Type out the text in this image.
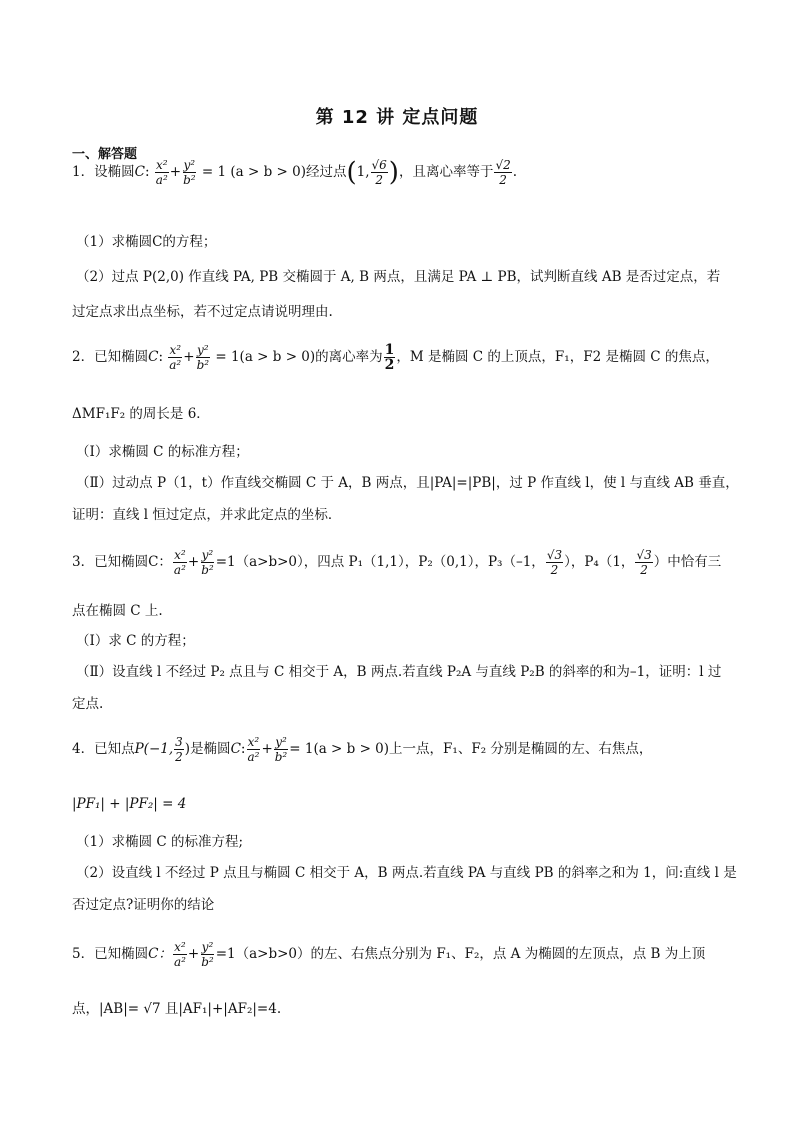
第 12 讲 定点问题
一、解答题
1．设椭圆C: $\frac{\text{x²}}{\text{a²}} + \frac{\text{y²}}{\text{b²}} = 1$ (a > b > 0)经过点(1, $\frac{√6}{2}$ )，且离心率等于 $\frac{√2}{2}$ .
（1）求椭圆C的方程；
（2）过点 P(2,0) 作直线 PA, PB 交椭圆于 A, B 两点，且满足 PA ⊥ PB，试判断直线 AB 是否过定点，若
过定点求出点坐标，若不过定点请说明理由.
2．已知椭圆C: $\frac{\text{x²}}{\text{a²}} + \frac{\text{y²}}{\text{b²}} = 1(a > b > 0)$的离心率为 $\frac{1}{2}$ ，M 是椭圆 C 的上顶点，F₁，F2 是椭圆 C 的焦点，
ΔMF₁F₂ 的周长是 6．
（Ⅰ）求椭圆 C 的标准方程；
（Ⅱ）过动点 P（1，t）作直线交椭圆 C 于 A，B 两点，且|PA|=|PB|，过 P 作直线 l，使 l 与直线 AB 垂直，
证明：直线 l 恒过定点，并求此定点的坐标．
3．已知椭圆C： $\frac{\text{x²}}{\text{a²}} + \frac{\text{y²}}{\text{b²}} =1(a>b>0)$，四点 P₁（1,1），P₂（0,1），P₃（–1， $\frac{√3}{2}$ ），P₄（1， $\frac{√3}{2}$ ）中恰有三
点在椭圆 C 上.
（Ⅰ）求 C 的方程；
（Ⅱ）设直线 l 不经过 P₂ 点且与 C 相交于 A，B 两点.若直线 P₂A 与直线 P₂B 的斜率的和为–1，证明：l 过
定点.
4．已知点P(−1, $\frac{3}{2}$ )是椭圆C: $\frac{\text{x²}}{\text{a²}} + \frac{\text{y²}}{\text{b²}} = 1(a > b > 0)$上一点，F₁、F₂ 分别是椭圆的左、右焦点，
|PF₁| + |PF₂| = 4
（1）求椭圆 C 的标准方程;
（2）设直线 l 不经过 P 点且与椭圆 C 相交于 A，B 两点.若直线 PA 与直线 PB 的斜率之和为 1，问:直线 l 是
否过定点?证明你的结论
5．已知椭圆C： $\frac{\text{x²}}{\text{a²}} + \frac{\text{y²}}{\text{b²}} =1(a>b>0)$的左、右焦点分别为 F₁、F₂，点 A 为椭圆的左顶点，点 B 为上顶
点，|AB|= √7 且|AF₁|+|AF₂|=4.
